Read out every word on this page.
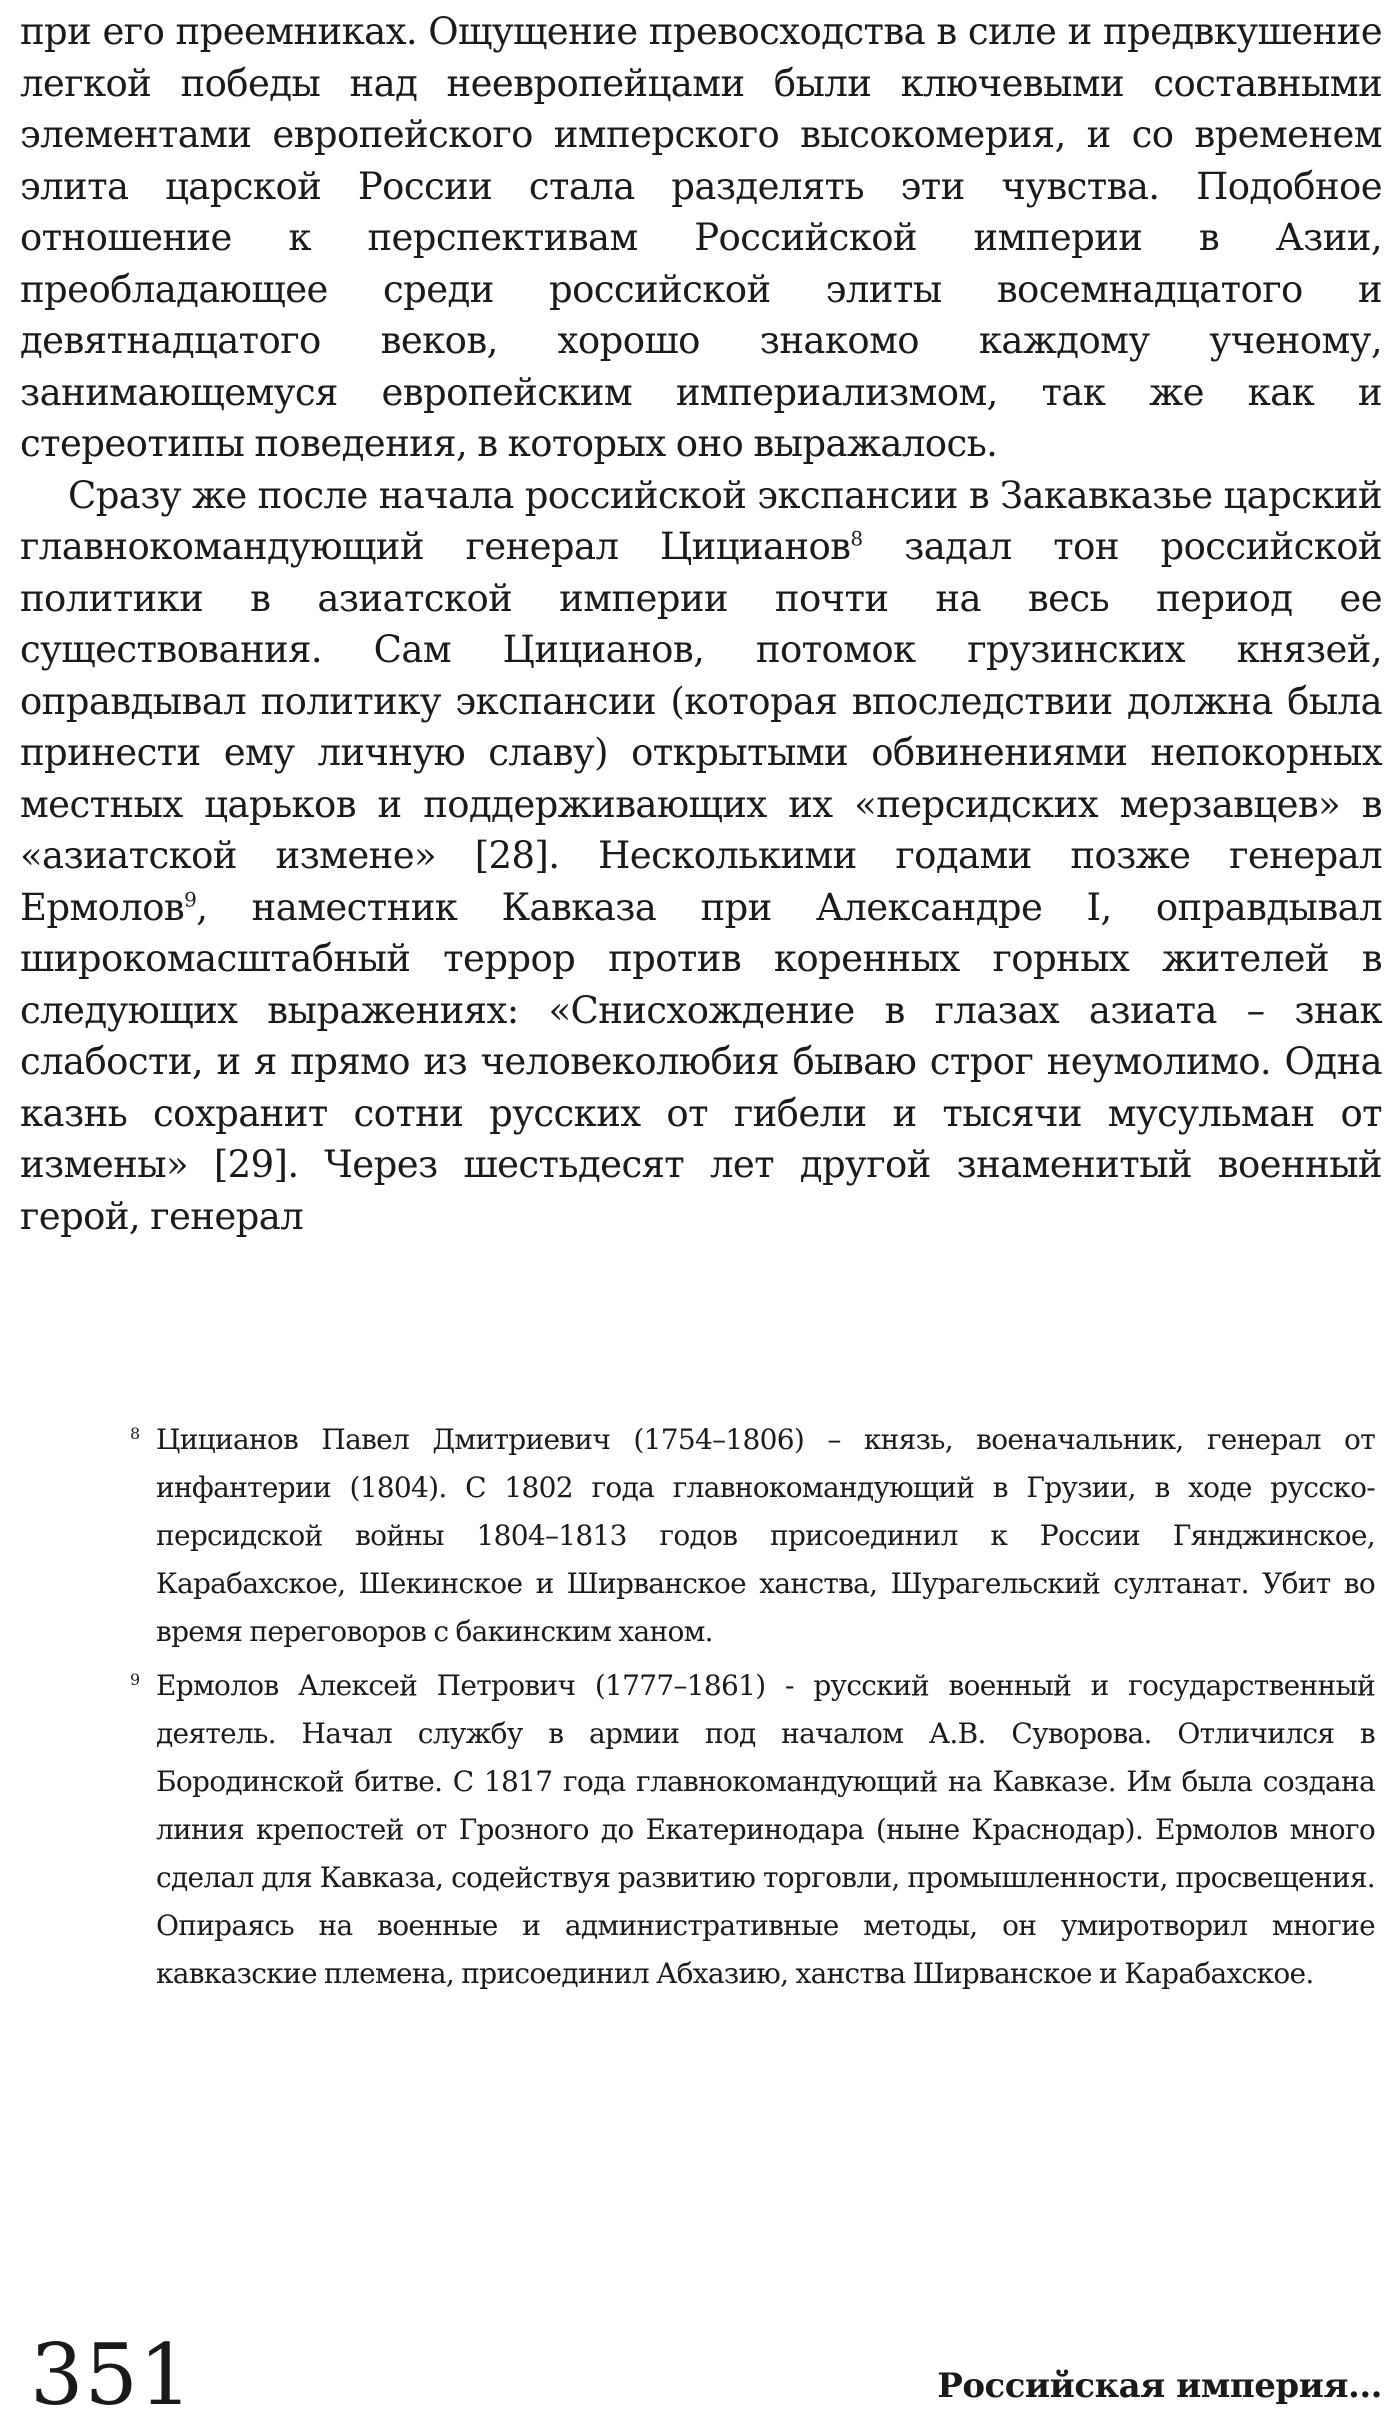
при его преемниках. Ощущение превосходства в силе и предвкушение легкой победы над неевропейцами были ключевыми составными элементами европейского имперского высокомерия, и со временем элита царской России стала разделять эти чувства. Подобное отношение к перспективам Российской империи в Азии, преобладающее среди российской элиты восемнадцатого и девятнадцатого веков, хорошо знакомо каждому ученому, занимающемуся европейским империализмом, так же как и стереотипы поведения, в которых оно выражалось.

Сразу же после начала российской экспансии в Закавказье царский главнокомандующий генерал Цицианов$^8$ задал тон российской политики в азиатской империи почти на весь период ее существования. Сам Цицианов, потомок грузинских князей, оправдывал политику экспансии (которая впоследствии должна была принести ему личную славу) открытыми обвинениями непокорных местных царьков и поддерживающих их «персидских мерзавцев» в «азиатской измене» [28]. Несколькими годами позже генерал Ермолов$^9$, наместник Кавказа при Александре I, оправдывал широкомасштабный террор против коренных горных жителей в следующих выражениях: «Снисхождение в глазах азиата – знак слабости, и я прямо из человеколюбия бываю строг неумолимо. Одна казнь сохранит сотни русских от гибели и тысячи мусульман от измены» [29]. Через шестьдесят лет другой знаменитый военный герой, генерал

8 Цицианов Павел Дмитриевич (1754–1806) – князь, военачальник, генерал от инфантерии (1804). С 1802 года главнокомандующий в Грузии, в ходе русско-персидской войны 1804–1813 годов присоединил к России Гянджинское, Карабахское, Шекинское и Ширванское ханства, Шурагельский султанат. Убит во время переговоров с бакинским ханом.
9 Ермолов Алексей Петрович (1777–1861) - русский военный и государственный деятель. Начал службу в армии под началом А.В. Суворова. Отличился в Бородинской битве. С 1817 года главнокомандующий на Кавказе. Им была создана линия крепостей от Грозного до Екатеринодара (ныне Краснодар). Ермолов много сделал для Кавказа, содействуя развитию торговли, промышленности, просвещения. Опираясь на военные и административные методы, он умиротворил многие кавказские племена, присоединил Абхазию, ханства Ширванское и Карабахское.
351	Российская империя...
